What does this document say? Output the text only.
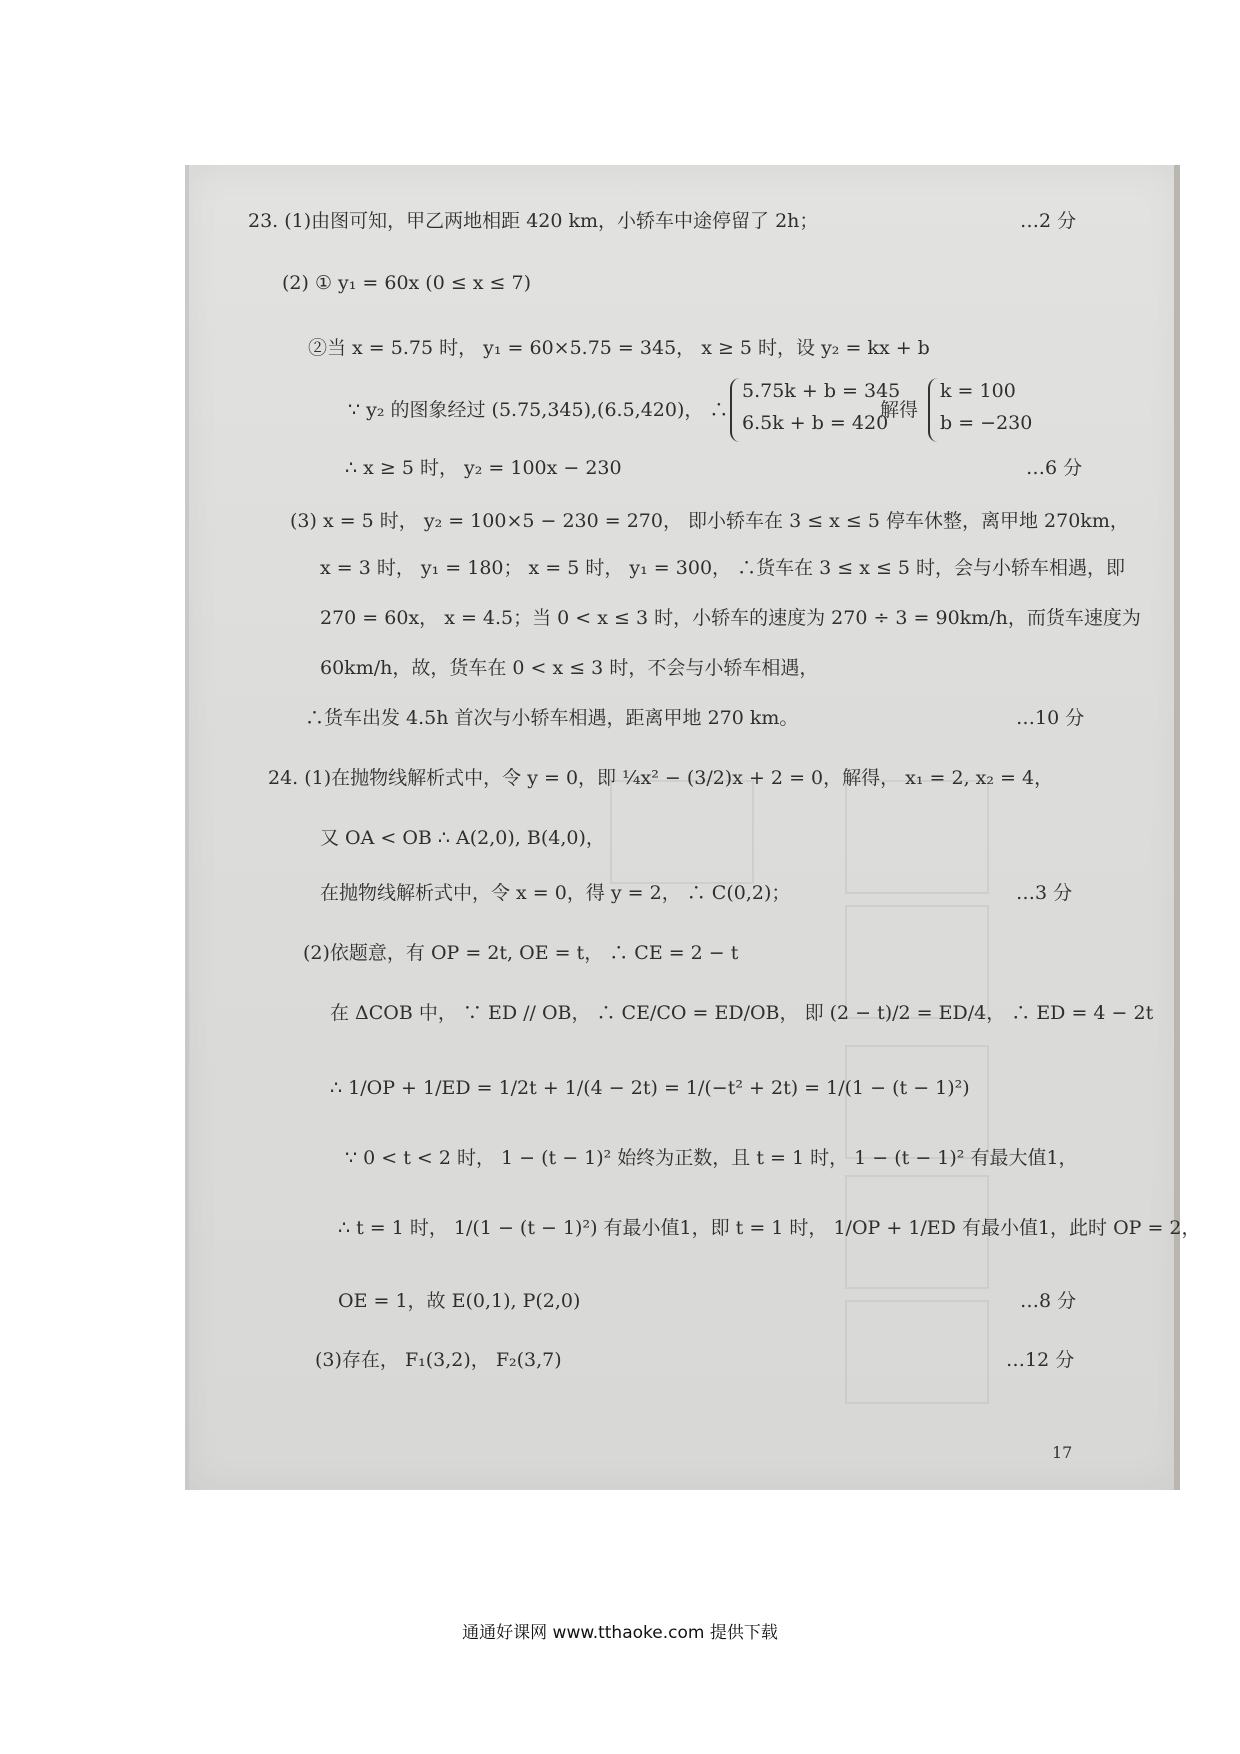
23. (1)由图可知，甲乙两地相距 420 km，小轿车中途停留了 2h；	…2 分
(2) ① y₁ = 60x (0 ≤ x ≤ 7)
②当 x = 5.75 时， y₁ = 60×5.75 = 345， x ≥ 5 时，设 y₂ = kx + b
∵ y₂ 的图象经过 (5.75,345),(6.5,420)， ∴
5.75k + b = 345
6.5k + b = 420
解得
k = 100
b = −230
∴ x ≥ 5 时， y₂ = 100x − 230	…6 分
(3) x = 5 时， y₂ = 100×5 − 230 = 270， 即小轿车在 3 ≤ x ≤ 5 停车休整，离甲地 270km，
x = 3 时， y₁ = 180； x = 5 时， y₁ = 300， ∴货车在 3 ≤ x ≤ 5 时，会与小轿车相遇，即
270 = 60x， x = 4.5；当 0 < x ≤ 3 时，小轿车的速度为 270 ÷ 3 = 90km/h，而货车速度为
60km/h，故，货车在 0 < x ≤ 3 时，不会与小轿车相遇，
∴货车出发 4.5h 首次与小轿车相遇，距离甲地 270 km。	…10 分
24. (1)在抛物线解析式中，令 y = 0，即 ¼x² − (3/2)x + 2 = 0，解得， x₁ = 2, x₂ = 4，
又 OA < OB ∴ A(2,0), B(4,0)，
在抛物线解析式中，令 x = 0，得 y = 2， ∴ C(0,2)；	…3 分
(2)依题意，有 OP = 2t, OE = t， ∴ CE = 2 − t
在 ΔCOB 中， ∵ ED // OB， ∴ CE/CO = ED/OB， 即 (2 − t)/2 = ED/4， ∴ ED = 4 − 2t
∴ 1/OP + 1/ED = 1/2t + 1/(4 − 2t) = 1/(−t² + 2t) = 1/(1 − (t − 1)²)
∵ 0 < t < 2 时， 1 − (t − 1)² 始终为正数，且 t = 1 时， 1 − (t − 1)² 有最大值1，
∴ t = 1 时， 1/(1 − (t − 1)²) 有最小值1，即 t = 1 时， 1/OP + 1/ED 有最小值1，此时 OP = 2，
OE = 1，故 E(0,1), P(2,0)	…8 分
(3)存在， F₁(3,2)， F₂(3,7)	…12 分
17
通通好课网 www.tthaoke.com 提供下载
